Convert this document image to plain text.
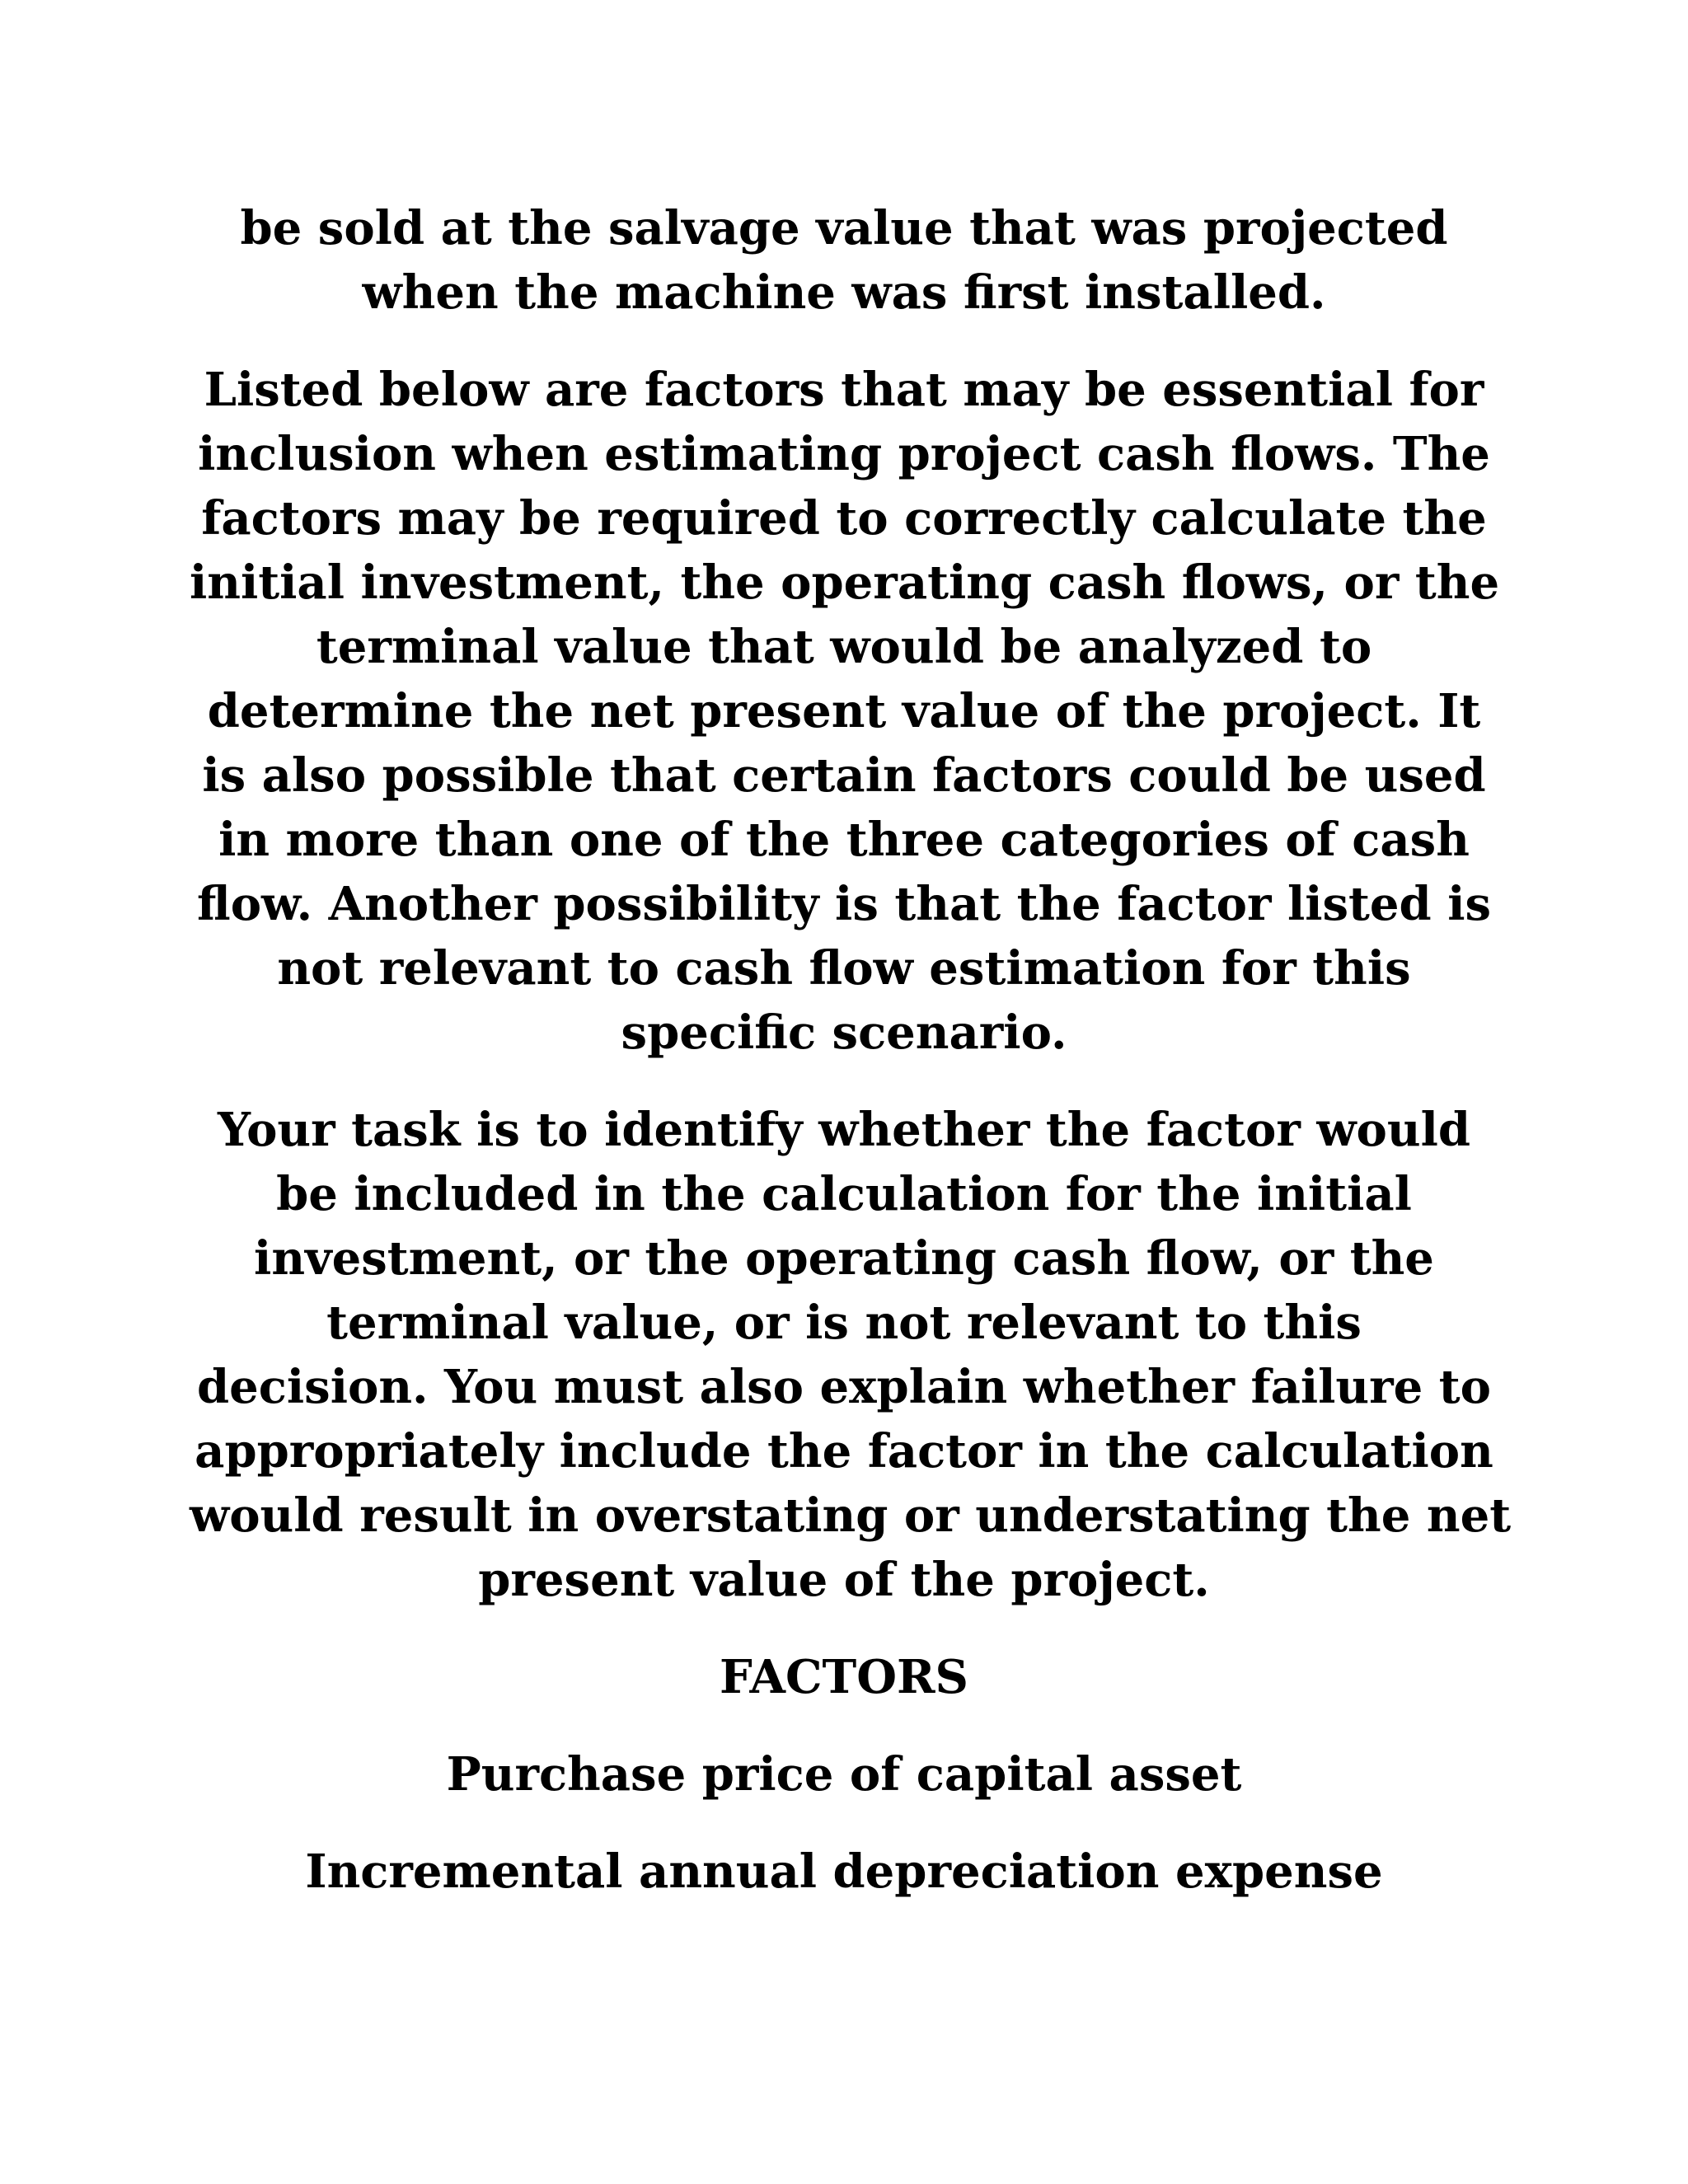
be sold at the salvage value that was projected
when the machine was first installed.
Listed below are factors that may be essential for
inclusion when estimating project cash flows. The
factors may be required to correctly calculate the
initial investment, the operating cash flows, or the
terminal value that would be analyzed to
determine the net present value of the project. It
is also possible that certain factors could be used
in more than one of the three categories of cash
flow. Another possibility is that the factor listed is
not relevant to cash flow estimation for this
specific scenario.
Your task is to identify whether the factor would
be included in the calculation for the initial
investment, or the operating cash flow, or the
terminal value, or is not relevant to this
decision. You must also explain whether failure to
appropriately include the factor in the calculation
would result in overstating or understating the net
present value of the project.
FACTORS
Purchase price of capital asset
Incremental annual depreciation expense
